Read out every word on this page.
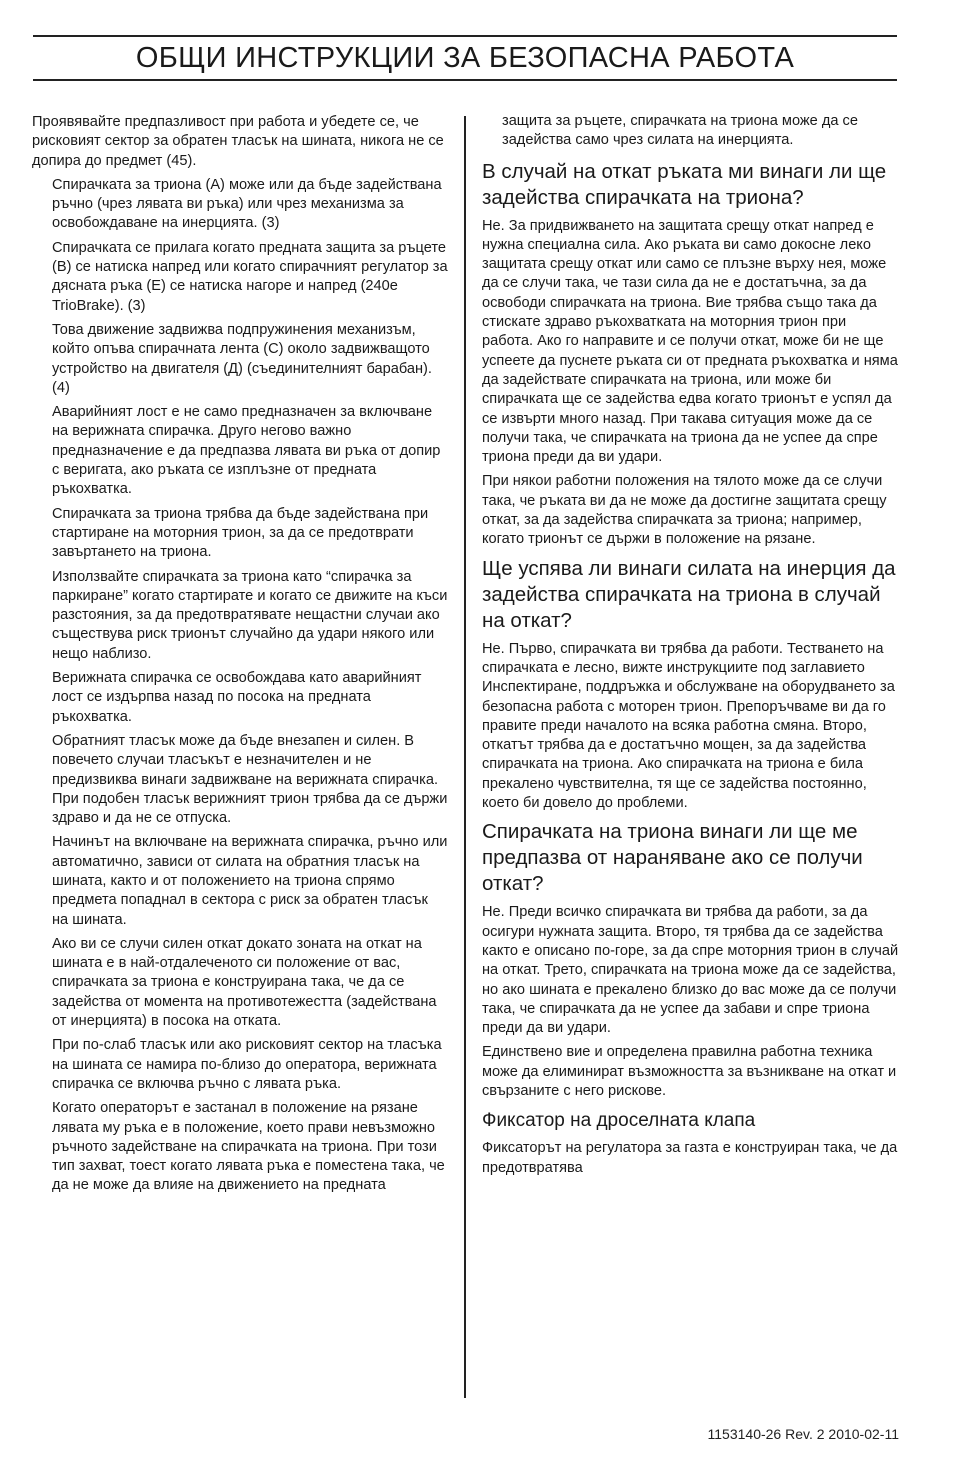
ОБЩИ ИНСТРУКЦИИ ЗА БЕЗОПАСНА РАБОТА

Проявявайте предпазливост при работа и убедете се, че рисковият сектор за обратен тласък на шината, никога не се допира до предмет (45).

Спирачката за триона (A) може или да бъде задействана ръчно (чрез лявата ви ръка) или чрез механизма за освобождаване на инерцията. (3)

Спирачката се прилага когато предната защита за ръцете (B) се натиска напред или когато спирачният регулатор за дясната ръка (E) се натиска нагоре и напред (240e TrioBrake). (3)

Това движение задвижва подпружинения механизъм, който опъва спирачната лента (C) около задвижващото устройство на двигателя (Д) (съединителният барабан). (4)

Аварийният лост е не само предназначен за включване на верижната спирачка. Друго негово важно предназначение е да предпазва лявата ви ръка от допир с веригата, ако ръката се изплъзне от предната ръкохватка.

Спирачката за триона трябва да бъде задействана при стартиране на моторния трион, за да се предотврати завъртането на триона.

Използвайте спирачката за триона като “спирачка за паркиране” когато стартирате и когато се движите на къси разстояния, за да предотвратявате нещастни случаи ако съществува риск трионът случайно да удари някого или нещо наблизо.

Верижната спирачка се освобождава като аварийният лост се издърпва назад по посока на предната ръкохватка.

Обратният тласък може да бъде внезапен и силен. В повечето случаи тласъкът е незначителен и не предизвиква винаги задвижване на верижната спирачка. При подобен тласък верижният трион трябва да се държи здраво и да не се отпуска.

Начинът на включване на верижната спирачка, ръчно или автоматично, зависи от силата на обратния тласък на шината, както и от положението на триона спрямо предмета попаднал в сектора с риск за обратен тласък на шината.

Ако ви се случи силен откат докато зоната на откат на шината е в най-отдалеченото си положение от вас, спирачката за триона е конструирана така, че да се задейства от момента на противотежестта (задействана от инерцията) в посока на отката.

При по-слаб тласък или ако рисковият сектор на тласъка на шината се намира по-близо до оператора, верижната спирачка се включва ръчно с лявата ръка.

Когато операторът е застанал в положение на рязане лявата му ръка е в положение, което прави невъзможно ръчното задействане на спирачката на триона. При този тип захват, тоест когато лявата ръка е поместена така, че да не може да влияе на движението на предната

защита за ръцете, спирачката на триона може да се задейства само чрез силата на инерцията.

В случай на откат ръката ми винаги ли ще задейства спирачката на триона?

Не. За придвижването на защитата срещу откат напред е нужна специална сила. Ако ръката ви само докосне леко защитата срещу откат или само се плъзне върху нея, може да се случи така, че тази сила да не е достатъчна, за да освободи спирачката на триона. Вие трябва също така да стискате здраво ръкохватката на моторния трион при работа. Ако го направите и се получи откат, може би не ще успеете да пуснете ръката си от предната ръкохватка и няма да задействате спирачката на триона, или може би спирачката ще се задейства едва когато трионът е успял да се извърти много назад. При такава ситуация може да се получи така, че спирачката на триона да не успее да спре триона преди да ви удари.

При някои работни положения на тялото може да се случи така, че ръката ви да не може да достигне защитата срещу откат, за да задейства спирачката за триона; например, когато трионът се държи в положение на рязане.

Ще успява ли винаги силата на инерция да задейства спирачката на триона в случай на откат?

Не. Първо, спирачката ви трябва да работи. Тестването на спирачката е лесно, вижте инструкциите под заглавието Инспектиране, поддръжка и обслужване на оборудването за безопасна работа с моторен трион. Препоръчваме ви да го правите преди началото на всяка работна смяна. Второ, откатът трябва да е достатъчно мощен, за да задейства спирачката на триона. Ако спирачката на триона е била прекалено чувствителна, тя ще се задейства постоянно, което би довело до проблеми.

Спирачката на триона винаги ли ще ме предпазва от нараняване ако се получи откат?

Не. Преди всичко спирачката ви трябва да работи, за да осигури нужната защита. Второ, тя трябва да се задейства както е описано по-горе, за да спре моторния трион в случай на откат. Трето, спирачката на триона може да се задейства, но ако шината е прекалено близко до вас може да се получи така, че спирачката да не успее да забави и спре триона преди да ви удари.

Единствено вие и определена правилна работна техника може да елиминират възможността за възникване на откат и свързаните с него рискове.

Фиксатор на дроселната клапа

Фиксаторът на регулатора за газта е конструиран така, че да предотвратява

1153140-26 Rev. 2 2010-02-11
